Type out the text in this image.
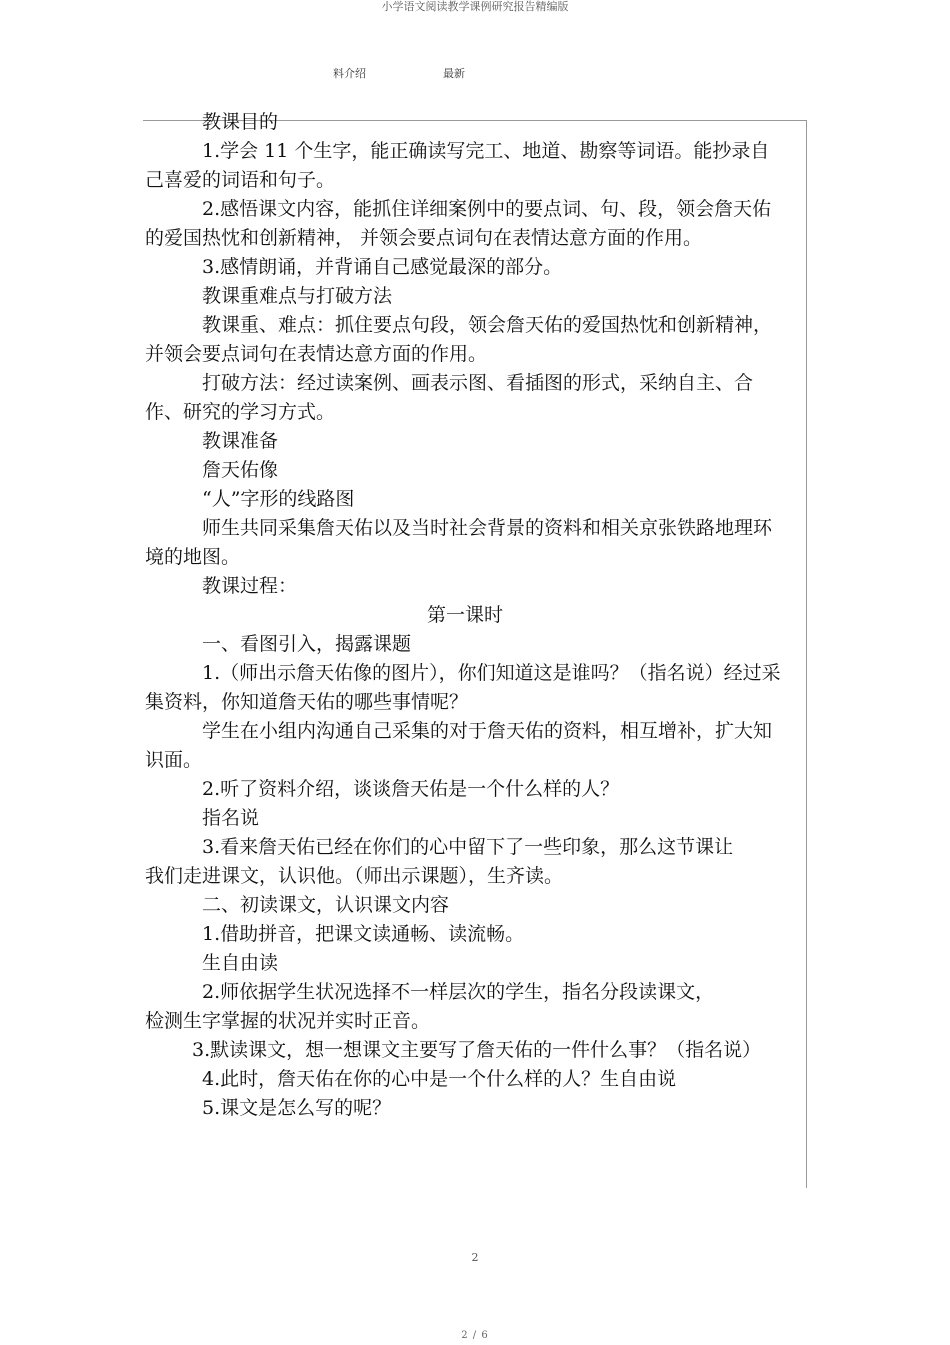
小学语文阅读教学课例研究报告精编版
料介绍	最新

教课目的

1.学会 11 个生字，能正确读写完工、地道、勘察等词语。能抄录自己喜爱的词语和句子。

2.感悟课文内容，能抓住详细案例中的要点词、句、段，领会詹天佑的爱国热忱和创新精神， 并领会要点词句在表情达意方面的作用。

3.感情朗诵，并背诵自己感觉最深的部分。

教课重难点与打破方法

教课重、难点：抓住要点句段，领会詹天佑的爱国热忱和创新精神，并领会要点词句在表情达意方面的作用。

打破方法：经过读案例、画表示图、看插图的形式，采纳自主、合作、研究的学习方式。

教课准备

詹天佑像

“人”字形的线路图

师生共同采集詹天佑以及当时社会背景的资料和相关京张铁路地理环境的地图。

教课过程：

第一课时

一、看图引入，揭露课题

1.（师出示詹天佑像的图片），你们知道这是谁吗？（指名说）经过采集资料，你知道詹天佑的哪些事情呢？

学生在小组内沟通自己采集的对于詹天佑的资料，相互增补，扩大知识面。

2.听了资料介绍，谈谈詹天佑是一个什么样的人？

指名说

3.看来詹天佑已经在你们的心中留下了一些印象，那么这节课让我们走进课文，认识他。（师出示课题），生齐读。

二、初读课文，认识课文内容

1.借助拼音，把课文读通畅、读流畅。

生自由读

2.师依据学生状况选择不一样层次的学生，指名分段读课文，检测生字掌握的状况并实时正音。

3.默读课文，想一想课文主要写了詹天佑的一件什么事？（指名说）

4.此时，詹天佑在你的心中是一个什么样的人？生自由说

5.课文是怎么写的呢？

2
2 / 6
